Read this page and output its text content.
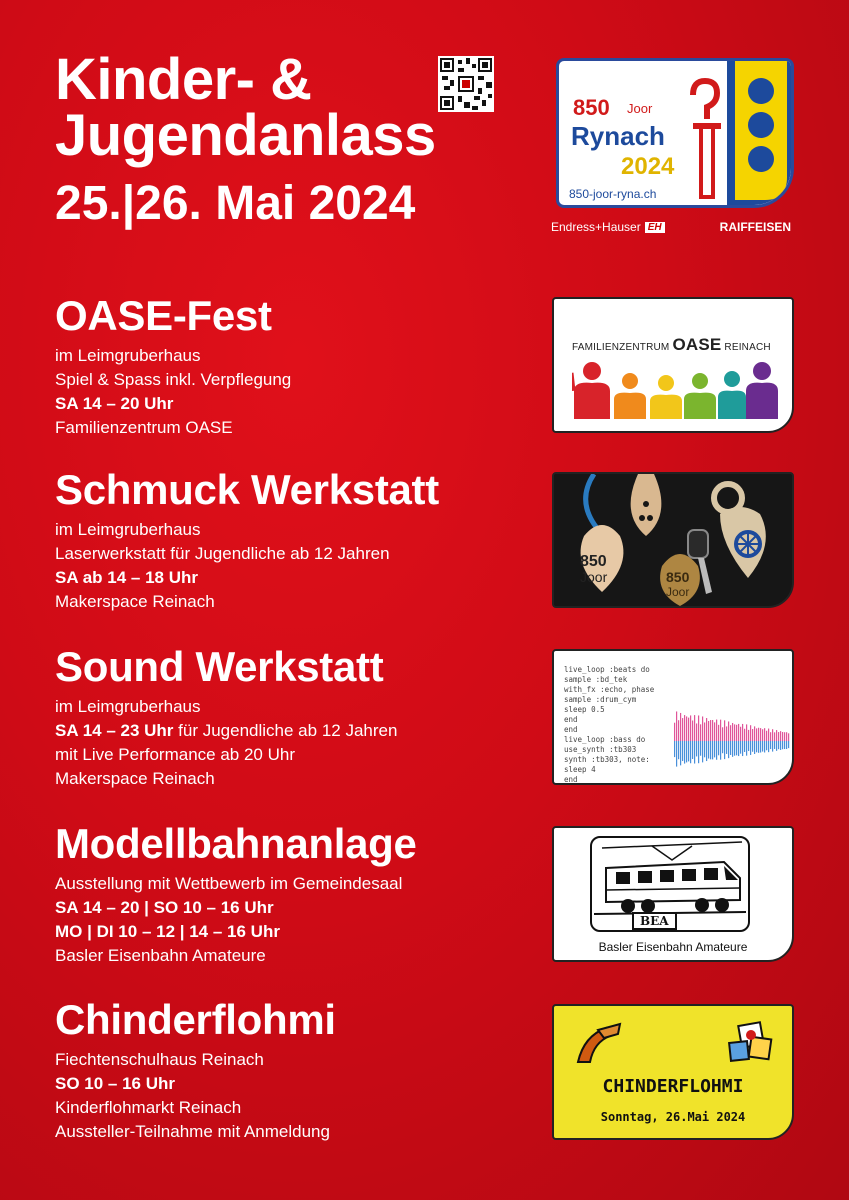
Kinder- &
Jugendanlass
25.|26. Mai 2024
850 Joor
Rynach
2024
850-joor-ryna.ch
Endress+Hauser EH	RAIFFEISEN
OASE-Fest
im Leimgruberhaus
Spiel & Spass inkl. Verpflegung
SA 14 – 20 Uhr
Familienzentrum OASE
Schmuck Werkstatt
im Leimgruberhaus
Laserwerkstatt für Jugendliche ab 12 Jahren
SA ab 14 – 18 Uhr
Makerspace Reinach
Sound Werkstatt
im Leimgruberhaus
SA 14 – 23 Uhr für Jugendliche ab 12 Jahren
mit Live Performance ab 20 Uhr
Makerspace Reinach
Modellbahnanlage
Ausstellung mit Wettbewerb im Gemeindesaal
SA 14 – 20 | SO 10 – 16 Uhr
MO | DI 10 – 12 | 14 – 16 Uhr
Basler Eisenbahn Amateure
Chinderflohmi
Fiechtenschulhaus Reinach
SO 10 – 16 Uhr
Kinderflohmarkt Reinach
Aussteller-Teilnahme mit Anmeldung
FAMILIENZENTRUM OASE REINACH
850
Joor	850
Joor
live_loop :beats do
sample :bd_tek
with_fx :echo, phase
sample :drum_cym
sleep 0.5
end
end
live_loop :bass do
use_synth :tb303
synth :tb303, note:
sleep 4
end
BEA
Basler Eisenbahn Amateure
CHINDERFLOHMI
Sonntag, 26.Mai 2024
